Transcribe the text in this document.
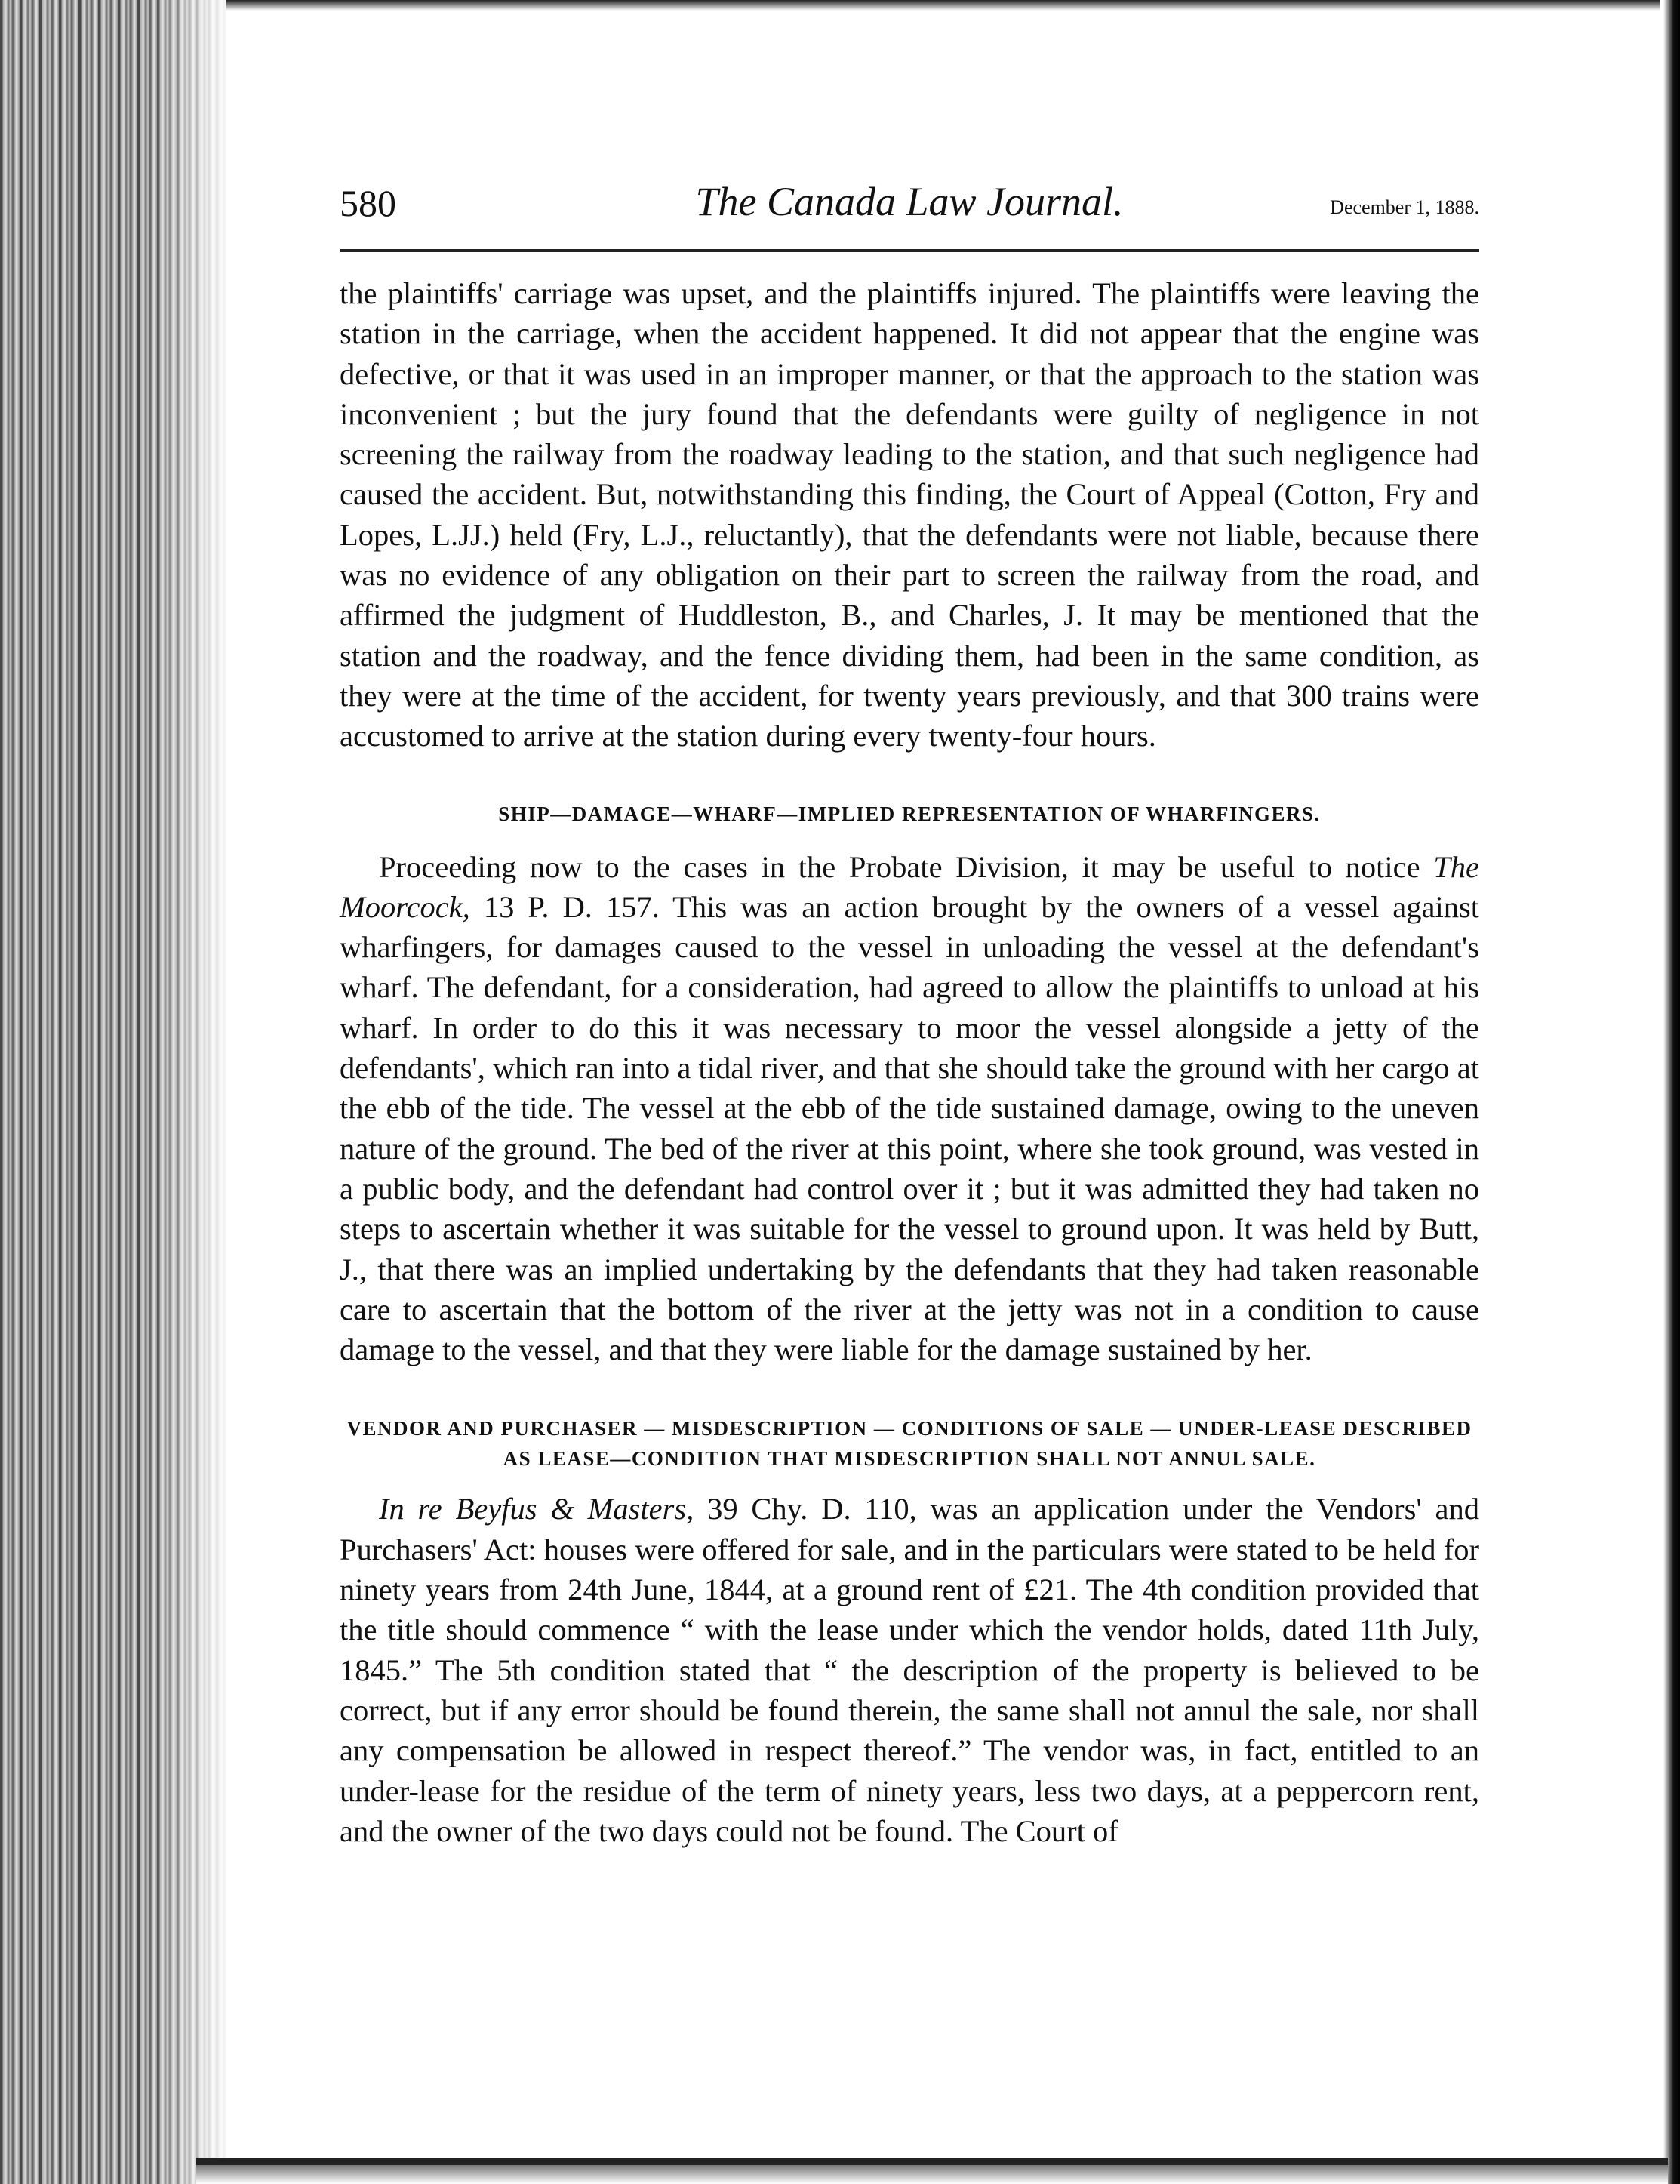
580	The Canada Law Journal.	December 1, 1888.

the plaintiffs' carriage was upset, and the plaintiffs injured. The plaintiffs were leaving the station in the carriage, when the accident happened. It did not appear that the engine was defective, or that it was used in an improper manner, or that the approach to the station was inconvenient ; but the jury found that the defendants were guilty of negligence in not screening the railway from the roadway leading to the station, and that such negligence had caused the accident. But, notwithstanding this finding, the Court of Appeal (Cotton, Fry and Lopes, L.JJ.) held (Fry, L.J., reluctantly), that the defendants were not liable, because there was no evidence of any obligation on their part to screen the railway from the road, and affirmed the judgment of Huddleston, B., and Charles, J. It may be mentioned that the station and the roadway, and the fence dividing them, had been in the same condition, as they were at the time of the accident, for twenty years previously, and that 300 trains were accustomed to arrive at the station during every twenty-four hours.

SHIP—DAMAGE—WHARF—IMPLIED REPRESENTATION OF WHARFINGERS.

Proceeding now to the cases in the Probate Division, it may be useful to notice The Moorcock, 13 P. D. 157. This was an action brought by the owners of a vessel against wharfingers, for damages caused to the vessel in unloading the vessel at the defendant's wharf. The defendant, for a consideration, had agreed to allow the plaintiffs to unload at his wharf. In order to do this it was necessary to moor the vessel alongside a jetty of the defendants', which ran into a tidal river, and that she should take the ground with her cargo at the ebb of the tide. The vessel at the ebb of the tide sustained damage, owing to the uneven nature of the ground. The bed of the river at this point, where she took ground, was vested in a public body, and the defendant had control over it ; but it was admitted they had taken no steps to ascertain whether it was suitable for the vessel to ground upon. It was held by Butt, J., that there was an implied undertaking by the defendants that they had taken reasonable care to ascertain that the bottom of the river at the jetty was not in a condition to cause damage to the vessel, and that they were liable for the damage sustained by her.

VENDOR AND PURCHASER — MISDESCRIPTION — CONDITIONS OF SALE — UNDER-LEASE DESCRIBED AS LEASE—CONDITION THAT MISDESCRIPTION SHALL NOT ANNUL SALE.

In re Beyfus & Masters, 39 Chy. D. 110, was an application under the Vendors' and Purchasers' Act: houses were offered for sale, and in the particulars were stated to be held for ninety years from 24th June, 1844, at a ground rent of £21. The 4th condition provided that the title should commence “ with the lease under which the vendor holds, dated 11th July, 1845.” The 5th condition stated that “ the description of the property is believed to be correct, but if any error should be found therein, the same shall not annul the sale, nor shall any compensation be allowed in respect thereof.” The vendor was, in fact, entitled to an under-lease for the residue of the term of ninety years, less two days, at a peppercorn rent, and the owner of the two days could not be found. The Court of
